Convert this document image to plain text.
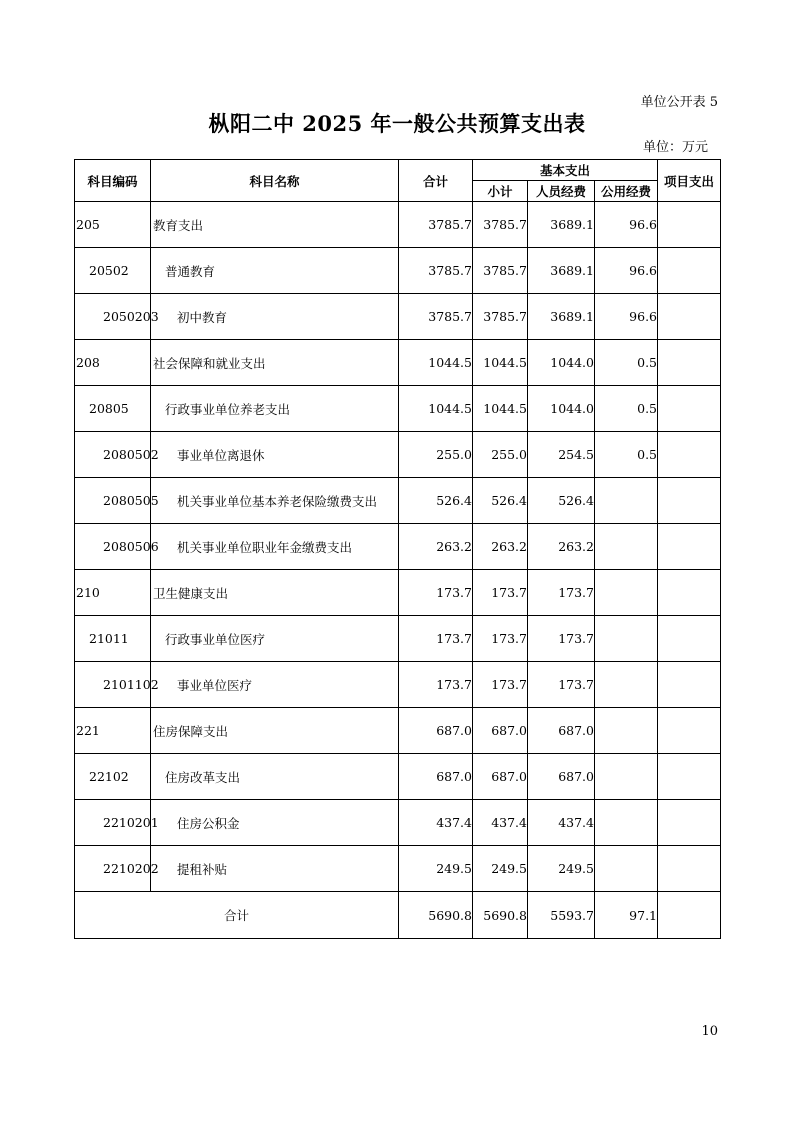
单位公开表 5
枞阳二中 2025 年一般公共预算支出表
单位：万元
科目编码	科目名称	合计	基本支出			项目支出
			小计	人员经费	公用经费	
205	教育支出	3785.7	3785.7	3689.1	96.6	
20502	普通教育	3785.7	3785.7	3689.1	96.6	
2050203	初中教育	3785.7	3785.7	3689.1	96.6	
208	社会保障和就业支出	1044.5	1044.5	1044.0	0.5	
20805	行政事业单位养老支出	1044.5	1044.5	1044.0	0.5	
2080502	事业单位离退休	255.0	255.0	254.5	0.5	
2080505	机关事业单位基本养老保险缴费支出	526.4	526.4	526.4		
2080506	机关事业单位职业年金缴费支出	263.2	263.2	263.2		
210	卫生健康支出	173.7	173.7	173.7		
21011	行政事业单位医疗	173.7	173.7	173.7		
2101102	事业单位医疗	173.7	173.7	173.7		
221	住房保障支出	687.0	687.0	687.0		
22102	住房改革支出	687.0	687.0	687.0		
2210201	住房公积金	437.4	437.4	437.4		
2210202	提租补贴	249.5	249.5	249.5		
合计		5690.8	5690.8	5593.7	97.1	
10
